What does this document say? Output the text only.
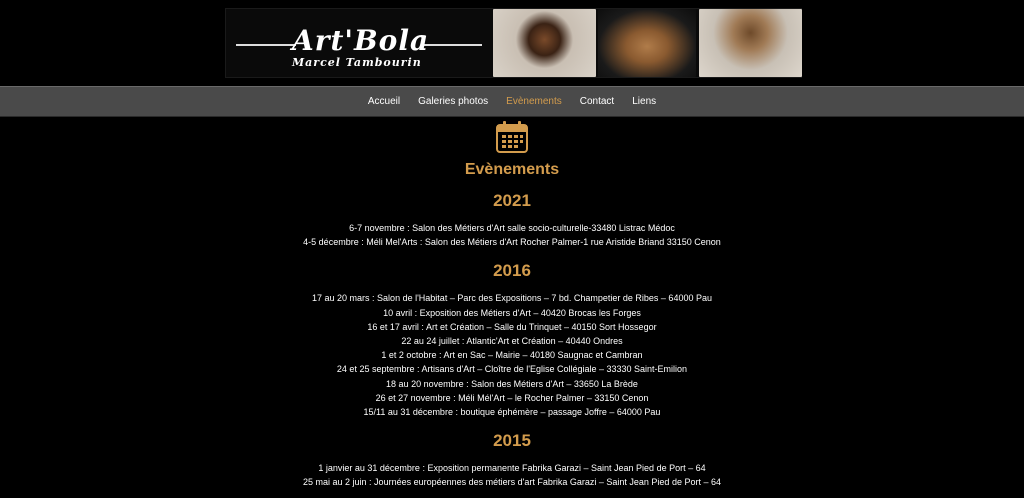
Art'Bola
Marcel Tambourin
Accueil	Galeries photos	Evènements	Contact	Liens
Evènements
2021

6-7 novembre : Salon des Métiers d'Art salle socio-culturelle-33480 Listrac Médoc

4-5 décembre : Méli Mel'Arts : Salon des Métiers d'Art Rocher Palmer-1 rue Aristide Briand 33150 Cenon

2016

17 au 20 mars : Salon de l'Habitat – Parc des Expositions – 7 bd. Champetier de Ribes – 64000 Pau

10 avril : Exposition des Métiers d'Art – 40420 Brocas les Forges

16 et 17 avril : Art et Création – Salle du Trinquet – 40150 Sort Hossegor

22 au 24 juillet : Atlantic'Art et Création – 40440 Ondres

1 et 2 octobre : Art en Sac – Mairie – 40180 Saugnac et Cambran

24 et 25 septembre : Artisans d'Art – Cloître de l'Eglise Collégiale – 33330 Saint-Emilion

18 au 20 novembre : Salon des Métiers d'Art – 33650 La Brède

26 et 27 novembre : Méli Mél'Art – le Rocher Palmer – 33150 Cenon

15/11 au 31 décembre : boutique éphémère – passage Joffre – 64000 Pau

2015

1 janvier au 31 décembre : Exposition permanente Fabrika Garazi – Saint Jean Pied de Port – 64

25 mai au 2 juin : Journées européennes des métiers d'art Fabrika Garazi – Saint Jean Pied de Port – 64
